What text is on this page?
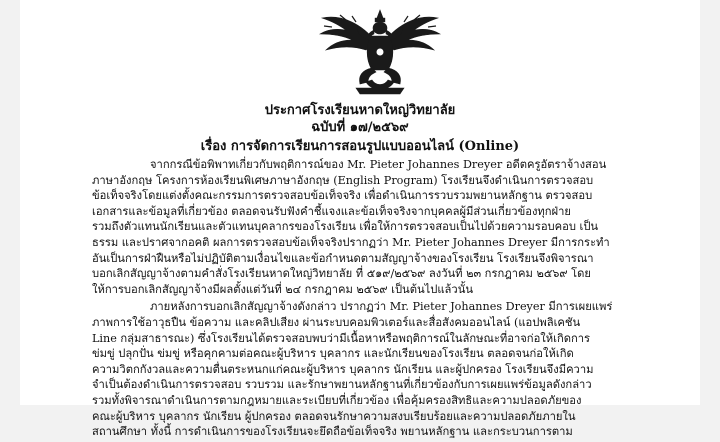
ประกาศโรงเรียนหาดใหญ่วิทยาลัย
ฉบับที่ ๑๗/๒๕๖๙
เรื่อง การจัดการเรียนการสอนรูปแบบออนไลน์ (Online)
จากกรณีข้อพิพาทเกี่ยวกับพฤติการณ์ของ Mr. Pieter Johannes Dreyer อดีตครูอัตราจ้างสอน
ภาษาอังกฤษ โครงการห้องเรียนพิเศษภาษาอังกฤษ (English Program) โรงเรียนจึงดำเนินการตรวจสอบ
ข้อเท็จจริงโดยแต่งตั้งคณะกรรมการตรวจสอบข้อเท็จจริง เพื่อดำเนินการรวบรวมพยานหลักฐาน ตรวจสอบ
เอกสารและข้อมูลที่เกี่ยวข้อง ตลอดจนรับฟังคำชี้แจงและข้อเท็จจริงจากบุคคลผู้มีส่วนเกี่ยวข้องทุกฝ่าย
รวมถึงตัวแทนนักเรียนและตัวแทนบุคลากรของโรงเรียน เพื่อให้การตรวจสอบเป็นไปด้วยความรอบคอบ เป็น
ธรรม และปราศจากอคติ ผลการตรวจสอบข้อเท็จจริงปรากฏว่า Mr. Pieter Johannes Dreyer มีการกระทำ
อันเป็นการฝ่าฝืนหรือไม่ปฏิบัติตามเงื่อนไขและข้อกำหนดตามสัญญาจ้างของโรงเรียน โรงเรียนจึงพิจารณา
บอกเลิกสัญญาจ้างตามคำสั่งโรงเรียนหาดใหญ่วิทยาลัย ที่ ๕๑๙/๒๕๖๙ ลงวันที่ ๒๓ กรกฎาคม ๒๕๖๙ โดย
ให้การบอกเลิกสัญญาจ้างมีผลตั้งแต่วันที่ ๒๔ กรกฎาคม ๒๕๖๙ เป็นต้นไปแล้วนั้น
ภายหลังการบอกเลิกสัญญาจ้างดังกล่าว ปรากฏว่า Mr. Pieter Johannes Dreyer มีการเผยแพร่
ภาพการใช้อาวุธปืน ข้อความ และคลิปเสียง ผ่านระบบคอมพิวเตอร์และสื่อสังคมออนไลน์ (แอปพลิเคชัน
Line กลุ่มสาธารณะ) ซึ่งโรงเรียนได้ตรวจสอบพบว่ามีเนื้อหาหรือพฤติการณ์ในลักษณะที่อาจก่อให้เกิดการ
ข่มขู่ ปลุกปั่น ข่มขู่ หรือคุกคามต่อคณะผู้บริหาร บุคลากร และนักเรียนของโรงเรียน ตลอดจนก่อให้เกิด
ความวิตกกังวลและความตื่นตระหนกแก่คณะผู้บริหาร บุคลากร นักเรียน และผู้ปกครอง โรงเรียนจึงมีความ
จำเป็นต้องดำเนินการตรวจสอบ รวบรวม และรักษาพยานหลักฐานที่เกี่ยวข้องกับการเผยแพร่ข้อมูลดังกล่าว
รวมทั้งพิจารณาดำเนินการตามกฎหมายและระเบียบที่เกี่ยวข้อง เพื่อคุ้มครองสิทธิและความปลอดภัยของ
คณะผู้บริหาร บุคลากร นักเรียน ผู้ปกครอง ตลอดจนรักษาความสงบเรียบร้อยและความปลอดภัยภายใน
สถานศึกษา ทั้งนี้ การดำเนินการของโรงเรียนจะยึดถือข้อเท็จจริง พยานหลักฐาน และกระบวนการตาม
